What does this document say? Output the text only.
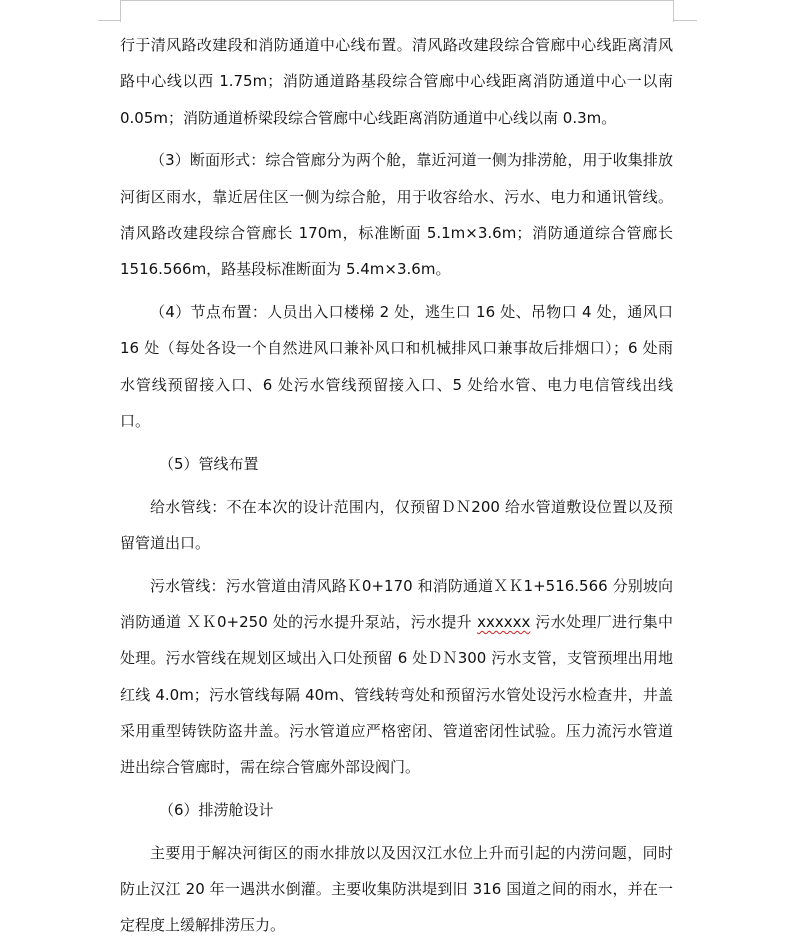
行于清风路改建段和消防通道中心线布置。清风路改建段综合管廊中心线距离清风路中心线以西 1.75m；消防通道路基段综合管廊中心线距离消防通道中心一以南 0.05m；消防通道桥梁段综合管廊中心线距离消防通道中心线以南 0.3m。

（3）断面形式：综合管廊分为两个舱，靠近河道一侧为排涝舱，用于收集排放河街区雨水，靠近居住区一侧为综合舱，用于收容给水、污水、电力和通讯管线。清风路改建段综合管廊长 170m，标准断面 5.1m×3.6m；消防通道综合管廊长 1516.566m，路基段标准断面为 5.4m×3.6m。

（4）节点布置：人员出入口楼梯 2 处，逃生口 16 处、吊物口 4 处，通风口 16 处（每处各设一个自然进风口兼补风口和机械排风口兼事故后排烟口）；6 处雨水管线预留接入口、6 处污水管线预留接入口、5 处给水管、电力电信管线出线口。

（5）管线布置

给水管线：不在本次的设计范围内，仅预留ＤＮ200 给水管道敷设位置以及预留管道出口。

污水管线：污水管道由清风路Ｋ0+170 和消防通道ＸＫ1+516.566 分别坡向消防通道 ＸＫ0+250 处的污水提升泵站，污水提升 xxxxxx 污水处理厂进行集中处理。污水管线在规划区域出入口处预留 6 处ＤＮ300 污水支管，支管预埋出用地红线 4.0m；污水管线每隔 40m、管线转弯处和预留污水管处设污水检查井，井盖采用重型铸铁防盗井盖。污水管道应严格密闭、管道密闭性试验。压力流污水管道进出综合管廊时，需在综合管廊外部设阀门。

（6）排涝舱设计

主要用于解决河街区的雨水排放以及因汉江水位上升而引起的内涝问题，同时防止汉江 20 年一遇洪水倒灌。主要收集防洪堤到旧 316 国道之间的雨水，并在一定程度上缓解排涝压力。
